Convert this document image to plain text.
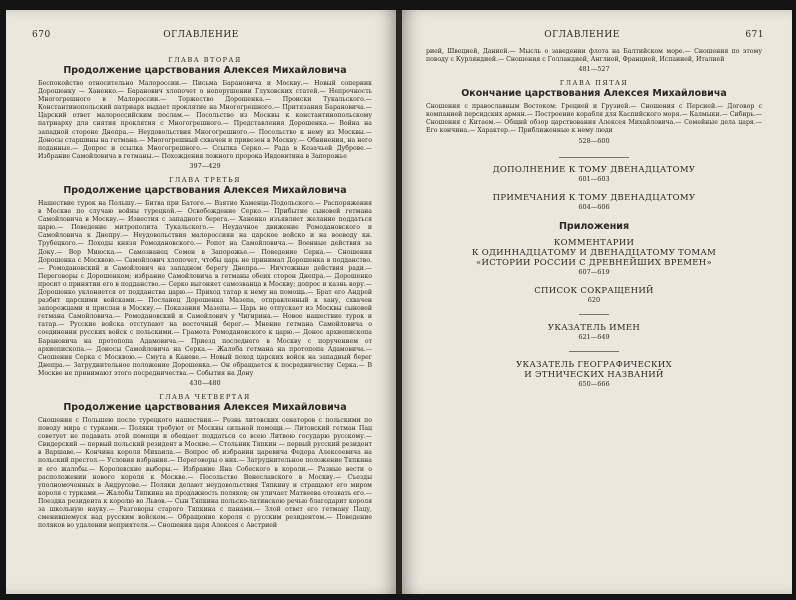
670	ОГЛАВЛЕНИЕ
ГЛАВА ВТОРАЯ
Продолжение царствования Алексея Михайловича

Беспокойство относительно Малороссии.— Письма Барановича и Москву.— Новый соперник Дорошенку — Ханенко.— Баранович хлопочет о непорушении Глуховских статей.— Непрочность Многогрешного в Малороссии.— Торжество Дорошенка.— Происки Тукальского.— Константинопольский патриарх выдает проклятие на Многогрешного.— Притязания Барановича.— Царский ответ малороссийским послам.— Посольство из Москвы к константинопольскому патриарху для снятия проклятия с Многогрешного.— Представления Дорошенка.— Война на западной стороне Днепра.— Неудовольствия Многогрешного.— Посольство к нему из Москвы.— Доносы старшины на гетмана.— Многогрешный схвачен и привезен в Москву.— Обвинения, на него поданные.— Допрос и ссылка Многогрешного.— Ссылка Серко.— Рада в Козачьей Дуброве.— Избрание Самойловича в гетманы.— Похождения ложного пророка Ивдовитина в Запорожье

397—429
ГЛАВА ТРЕТЬЯ
Продолжение царствования Алексея Михайловича

Нашествие турок на Польшу.— Битва при Батоге.— Взятие Каменца-Подольского.— Распоряжения в Москве по случаю войны турецкой.— Освобождение Серко.— Прибытие сыновей гетмана Самойловича в Москву.— Известия с западного берега.— Ханенко изъявляет желание поддаться царю.— Поведение митрополита Тукальского.— Неудачное движение Ромодановского и Самойловича к Днепру.— Неудовольствия малороссиян на царское войско и на воеводу кн. Трубецкого.— Походы князя Ромодановского.— Ропот на Самойловича.— Военные действия за Доку.— Вор Миюска.— Самозванец Семен в Запорожье.— Поведение Серка.— Сношения Дорошенка с Москвою.— Самойлович хлопочет, чтобы царь не принимал Дорошенка в подданство.— Ромодановский и Самойлович на западном берегу Днепра.— Ничтожные действия ради.— Переговоры с Дорошенком; избрание Самойловича в гетманы обеих сторон Днепра.— Дорошенко просит о принятии его в подданство.— Серко выгоняет самозванца в Москву; допрос и казнь вору.— Дорошенко уклоняется от подданства царю.— Приход татар к нему на помощь.— Брат его Андрей разбит царскими войсками.— Посланец Дорошенка Мазепа, отправленный к хану, схвачен запорожцами и прислан в Москву.— Показания Мазепы.— Царь не отпускает из Москвы сыновей гетмана Самойловича.— Ромодановский и Самойлович у Чигирина.— Новое нашествие турок и татар.— Русские войска отступают на восточный берег.— Мнение гетмана Самойловича о соединении русских войск с польскими.— Грамота Ромодановского к царю.— Донос архиепископа Барановича на протопопа Адамовича.— Приезд последнего в Москву с поручением от архиепископа.— Доносы Самойловича на Серка.— Жалоба гетмана на протопопа Адамовича.— Сношения Серка с Москвою.— Смута в Каневе.— Новый поход царских войск на западный берег Днепра.— Затруднительное положение Дорошенка.— Он обращается к посредничеству Серка.— В Москве не принимают этого посредничества.— События на Дону

430—480
ГЛАВА ЧЕТВЕРТАЯ
Продолжение царствования Алексея Михайловича

Сношения с Польшею после турецкого нашествия.— Рознь литовских сенаторов с польскими по поводу мира с турками.— Поляки требуют от Москвы сильной помощи.— Литовский гетман Пац советует не подавать этой помощи и обещает поддаться со всею Литвою государю русскому.— Свидерский — первый польский резидент в Москве.— Стольник Тяпкин — первый русский резидент в Варшаве.— Кончина короля Михаила.— Вопрос об избрании царевича Федора Алексеевича на польский престол.— Условия избрания.— Переговоры о них.— Затруднительное положение Тяпкина и его жалобы.— Королевские выборы.— Избрание Яна Собеского в короли.— Разные вести о расположении нового короля к Москве.— Посольство Венеславского в Москву.— Съезды уполномоченных в Андрусове.— Поляки делают неудовольствия Тяпкину и стращают его миром короля с турками.— Жалобы Тяпкина на продажность поляков; он уличает Матвеева отозвать его.— Поездка резидента к королю во Львов.— Сын Тяпкина польско-латинскою речью благодарит короля за школьную науку.— Разговоры старого Тяпкина с панами.— Злой ответ его гетману Пацу, сменившемуся над русским войском.— Обращение короля с русским резидентом.— Поведение поляков во удалении неприятеля.— Сношения царя Алексея с Австрией

ОГЛАВЛЕНИЕ	671

рией, Швецией, Данией.— Мысль о заведении флота на Балтийском море.— Сношения по этому поводу с Курляндией.— Сношения с Голландией, Англией, Францией, Испанией, Италией

481—527
ГЛАВА ПЯТАЯ
Окончание царствования Алексея Михайловича

Сношения с православным Востоком: Грецией и Грузией.— Сношения с Персией.— Договор с компанией персидских армян.— Построение корабля для Каспийского моря.— Калмыки.— Сибирь.— Сношения с Китаем.— Общий обзор царствования Алексея Михайловича.— Семейные дела царя.— Его кончина.— Характер.— Приближенные к нему люди

528—600
ДОПОЛНЕНИЕ К ТОМУ ДВЕНАДЦАТОМУ
601—603
ПРИМЕЧАНИЯ К ТОМУ ДВЕНАДЦАТОМУ
604—606
Приложения
КОММЕНТАРИИ
К ОДИННАДЦАТОМУ И ДВЕНАДЦАТОМУ ТОМАМ
«ИСТОРИИ РОССИИ С ДРЕВНЕЙШИХ ВРЕМЕН»
607—619
СПИСОК СОКРАЩЕНИЙ
620
УКАЗАТЕЛЬ ИМЕН
621—649
УКАЗАТЕЛЬ ГЕОГРАФИЧЕСКИХ
И ЭТНИЧЕСКИХ НАЗВАНИЙ
650—666
